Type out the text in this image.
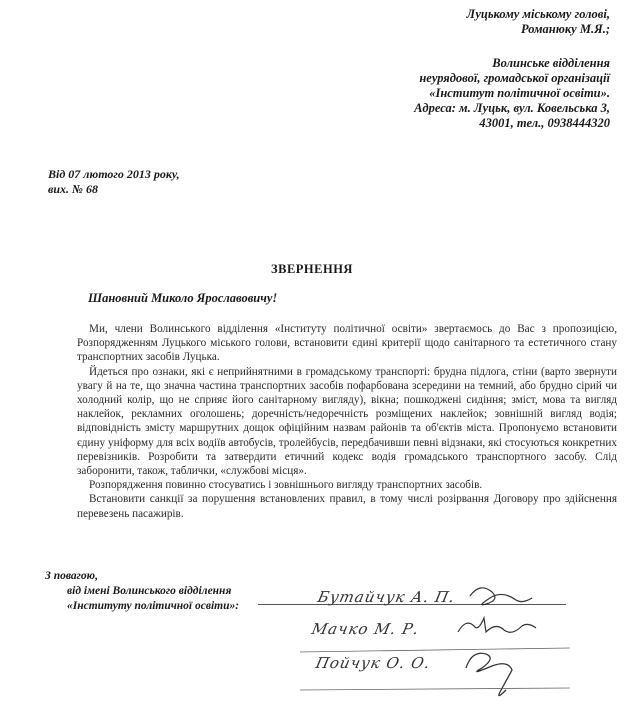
Луцькому міському голові,
Романюку М.Я.;
Волинське відділення
неурядової, громадської організації
«Інститут політичної освіти».
Адреса: м. Луцьк, вул. Ковельська 3,
43001, тел., 0938444320
Від 07 лютого 2013 року,
вих. № 68
ЗВЕРНЕННЯ
Шановний Миколо Ярославовичу!

Ми, члени Волинського відділення «Інституту політичної освіти» звертаємось до Вас з пропозицією, Розпорядженням Луцького міського голови, встановити єдині критерії щодо санітарного та естетичного стану транспортних засобів Луцька.

Йдеться про ознаки, які є неприйнятними в громадському транспорті: брудна підлога, стіни (варто звернути увагу й на те, що значна частина транспортних засобів пофарбована зсередини на темний, або брудно сірий чи холодний колір, що не сприяє його санітарному вигляду), вікна; пошкоджені сидіння; зміст, мова та вигляд наклейок, рекламних оголошень; доречність/недоречність розміщених наклейок; зовнішній вигляд водія; відповідність змісту маршрутних дощок офіційним назвам районів та об'єктів міста. Пропонуємо встановити єдину уніформу для всіх водіїв автобусів, тролейбусів, передбачивши певні відзнаки, які стосуються конкретних перевізників. Розробити та затвердити етичний кодекс водія громадського транспортного засобу. Слід заборонити, також, таблички, «службові місця».

Розпорядження повинно стосуватись і зовнішнього вигляду транспортних засобів.

Встановити санкції за порушення встановлених правил, в тому числі розірвання Договору про здійснення перевезень пасажирів.

З повагою,
від імені Волинського відділення
«Інституту політичної освіти»:	Бутайчук А. П.
Мачко М. Р.
Пойчук О. О.
